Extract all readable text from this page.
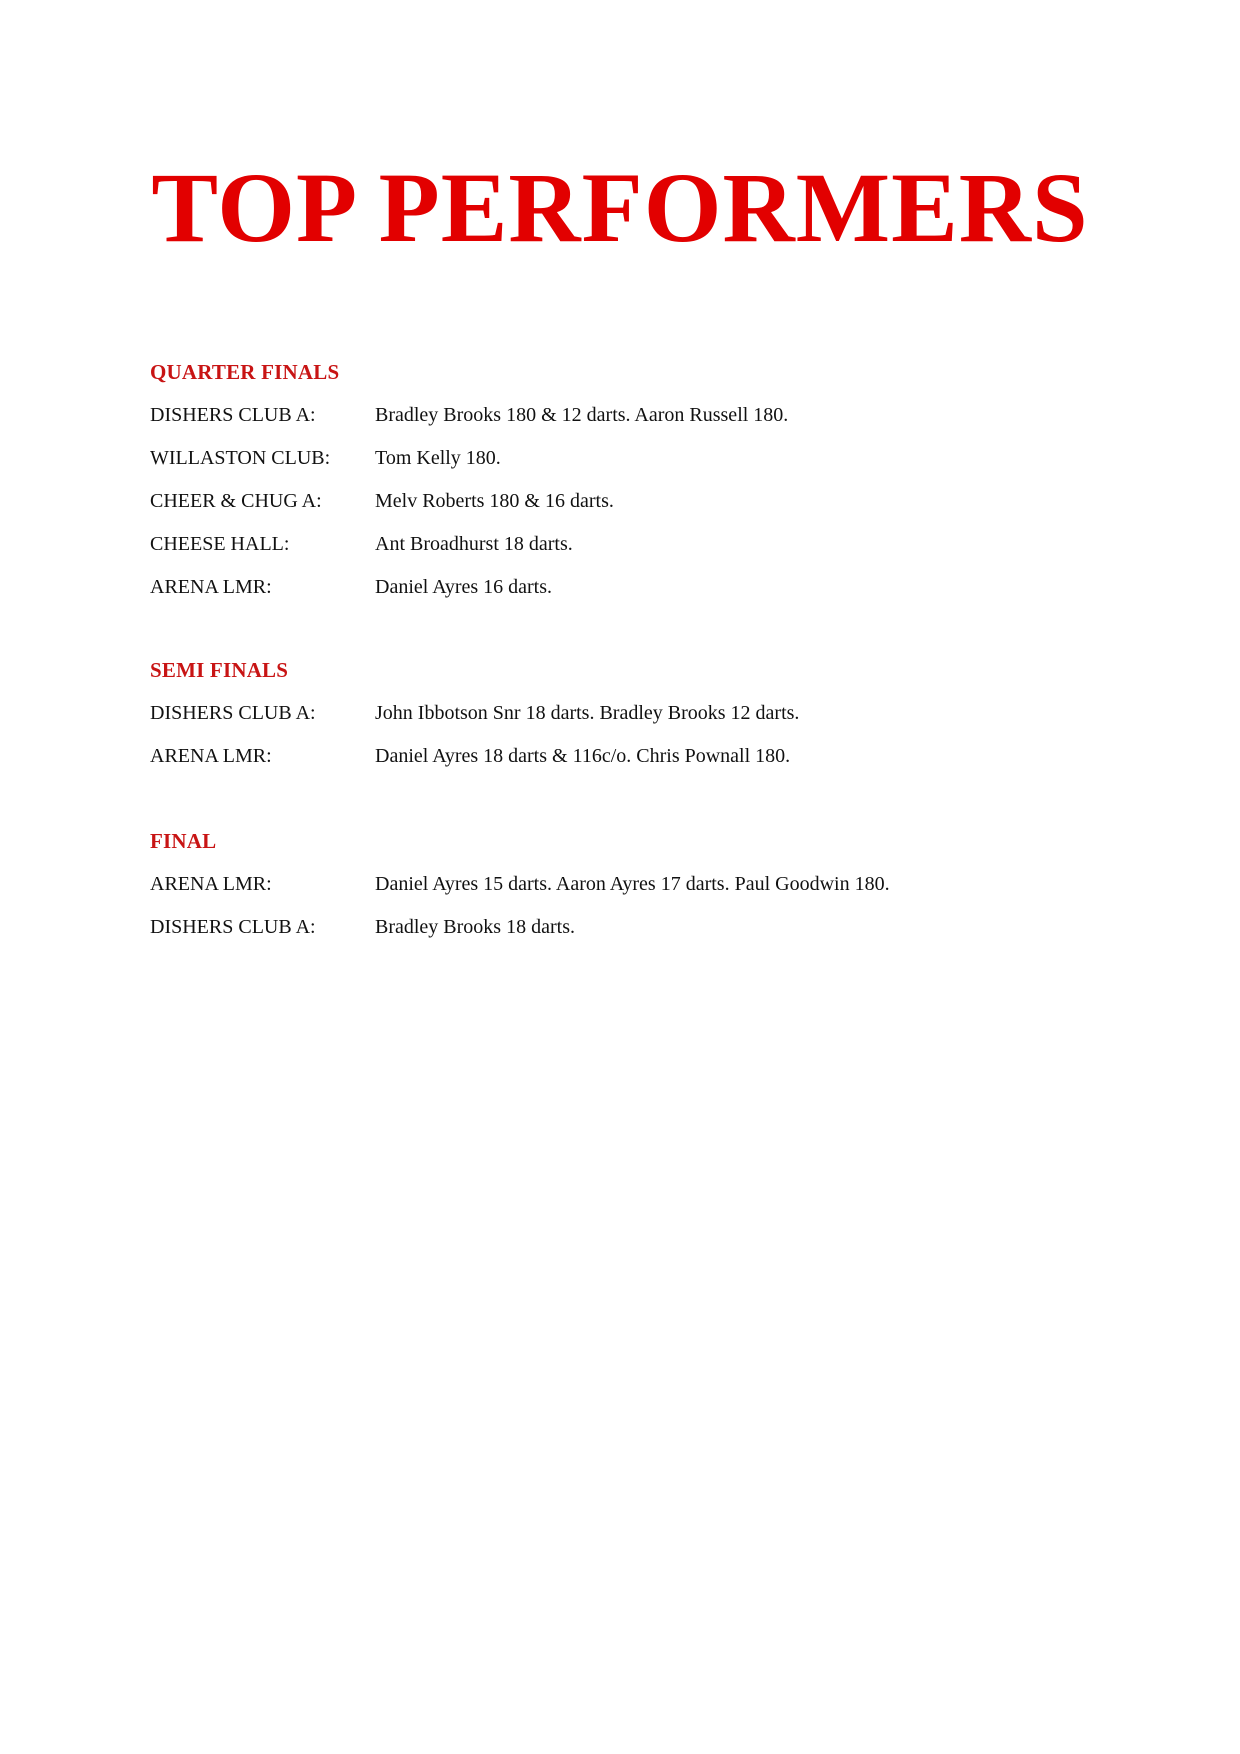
TOP PERFORMERS
QUARTER FINALS
DISHERS CLUB A:	Bradley Brooks 180 & 12 darts. Aaron Russell 180.
WILLASTON CLUB:	Tom Kelly 180.
CHEER & CHUG A:	Melv Roberts 180 & 16 darts.
CHEESE HALL:	Ant Broadhurst 18 darts.
ARENA LMR:	Daniel Ayres 16 darts.
SEMI FINALS
DISHERS CLUB A:	John Ibbotson Snr 18 darts. Bradley Brooks 12 darts.
ARENA LMR:	Daniel Ayres 18 darts & 116c/o. Chris Pownall 180.
FINAL
ARENA LMR:	Daniel Ayres 15 darts. Aaron Ayres 17 darts. Paul Goodwin 180.
DISHERS CLUB A:	Bradley Brooks 18 darts.
